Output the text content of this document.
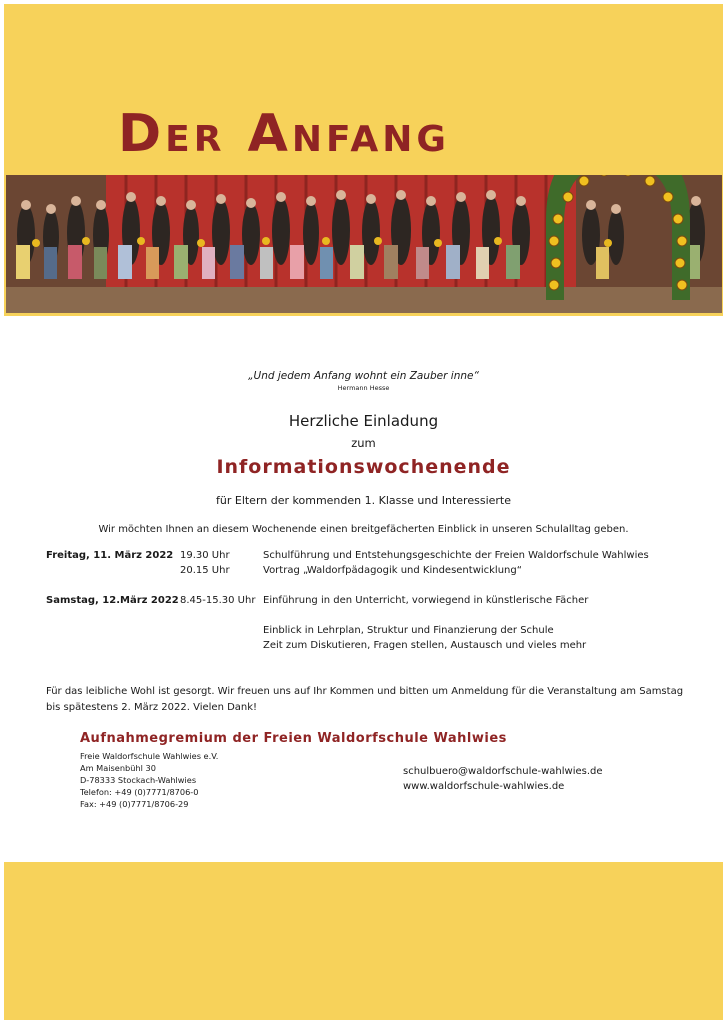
Der Anfang

„Und jedem Anfang wohnt ein Zauber inne“

Hermann Hesse

Herzliche Einladung

zum

Informationswochenende

für Eltern der kommenden 1. Klasse und Interessierte

Wir möchten Ihnen an diesem Wochenende einen breitgefächerten Einblick in unseren Schulalltag geben.

Freitag, 11. März 2022 19.30 Uhr	Schulführung und Entstehungsgeschichte der Freien Waldorfschule Wahlwies

20.15 Uhr	Vortrag „Waldorfpädagogik und Kindesentwicklung“

Samstag, 12.März 2022 8.45-15.30 Uhr Einführung in den Unterricht, vorwiegend in künstlerische Fächer

Einblick in Lehrplan, Struktur und Finanzierung der Schule

Zeit zum Diskutieren, Fragen stellen, Austausch und vieles mehr

Für das leibliche Wohl ist gesorgt. Wir freuen uns auf Ihr Kommen und bitten um Anmeldung für die Veranstaltung am Samstag bis spätestens 2. März 2022. Vielen Dank!

Aufnahmegremium der Freien Waldorfschule Wahlwies

Freie Waldorfschule Wahlwies e.V.
Am Maisenbühl 30
D-78333 Stockach-Wahlwies
Telefon: +49 (0)7771/8706-0
Fax: +49 (0)7771/8706-29
schulbuero@waldorfschule-wahlwies.de
www.waldorfschule-wahlwies.de
